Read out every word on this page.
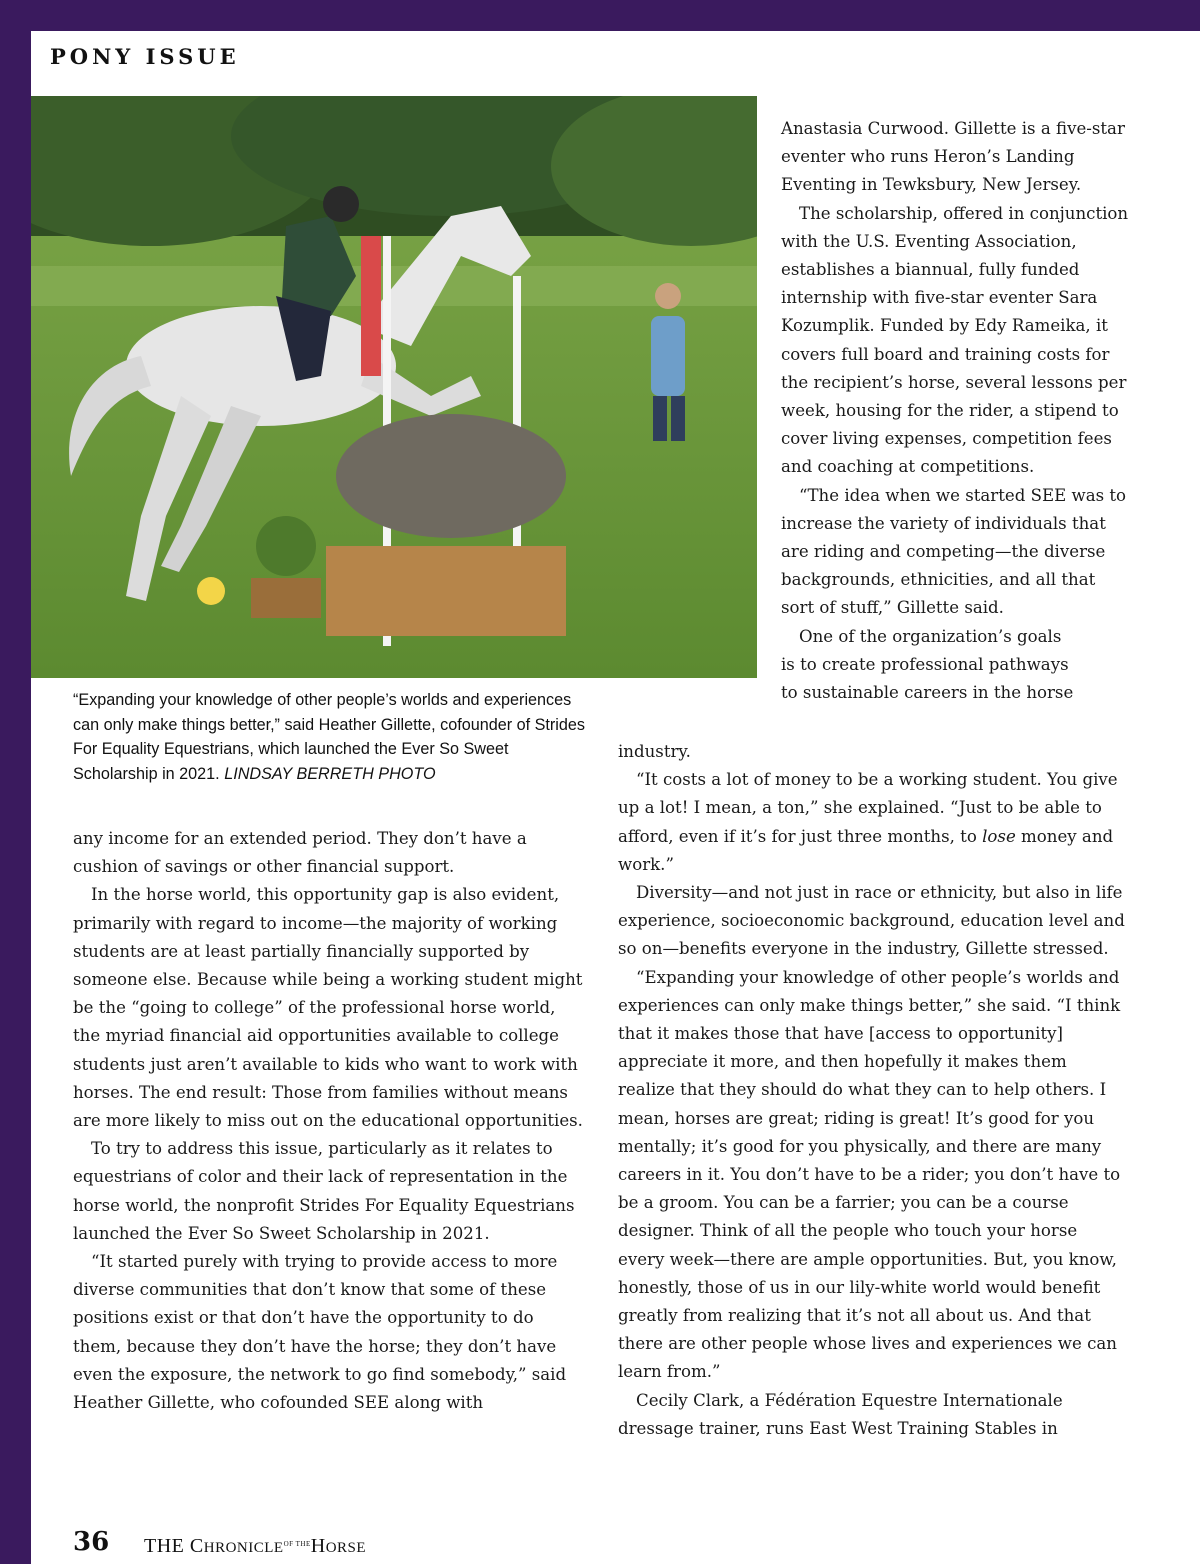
PONY ISSUE
“Expanding your knowledge of other people’s worlds and experiences can only make things better,” said Heather Gillette, cofounder of Strides For Equality Equestrians, which launched the Ever So Sweet Scholarship in 2021. LINDSAY BERRETH PHOTO

Anastasia Curwood. Gillette is a five-star eventer who runs Heron’s Landing Eventing in Tewksbury, New Jersey.

The scholarship, offered in conjunction with the U.S. Eventing Association, establishes a biannual, fully funded internship with five-star eventer Sara Kozumplik. Funded by Edy Rameika, it covers full board and training costs for the recipient’s horse, several lessons per week, housing for the rider, a stipend to cover living expenses, competition fees and coaching at competitions.

“The idea when we started SEE was to increase the variety of individuals that are riding and competing—the diverse backgrounds, ethnicities, and all that sort of stuff,” Gillette said.

One of the organization’s goals

is to create professional pathways

to sustainable careers in the horse

industry.

“It costs a lot of money to be a working student. You give up a lot! I mean, a ton,” she explained. “Just to be able to afford, even if it’s for just three months, to lose money and work.”

Diversity—and not just in race or ethnicity, but also in life experience, socioeconomic background, education level and so on—benefits everyone in the industry, Gillette stressed.

“Expanding your knowledge of other people’s worlds and experiences can only make things better,” she said. “I think that it makes those that have [access to opportunity] appreciate it more, and then hopefully it makes them realize that they should do what they can to help others. I mean, horses are great; riding is great! It’s good for you mentally; it’s good for you physically, and there are many careers in it. You don’t have to be a rider; you don’t have to be a groom. You can be a farrier; you can be a course designer. Think of all the people who touch your horse every week—there are ample opportunities. But, you know, honestly, those of us in our lily-white world would benefit greatly from realizing that it’s not all about us. And that there are other people whose lives and experiences we can learn from.”

Cecily Clark, a Fédération Equestre Internationale dressage trainer, runs East West Training Stables in

any income for an extended period. They don’t have a cushion of savings or other financial support.

In the horse world, this opportunity gap is also evident, primarily with regard to income—the majority of working students are at least partially financially supported by someone else. Because while being a working student might be the “going to college” of the professional horse world, the myriad financial aid opportunities available to college students just aren’t available to kids who want to work with horses. The end result: Those from families without means are more likely to miss out on the educational opportunities.

To try to address this issue, particularly as it relates to equestrians of color and their lack of representation in the horse world, the nonprofit Strides For Equality Equestrians launched the Ever So Sweet Scholarship in 2021.

“It started purely with trying to provide access to more diverse communities that don’t know that some of these positions exist or that don’t have the opportunity to do them, because they don’t have the horse; they don’t have even the exposure, the network to go find somebody,” said Heather Gillette, who cofounded SEE along with

36 THE $CHRONICLE^{OF THE}HORSE$
